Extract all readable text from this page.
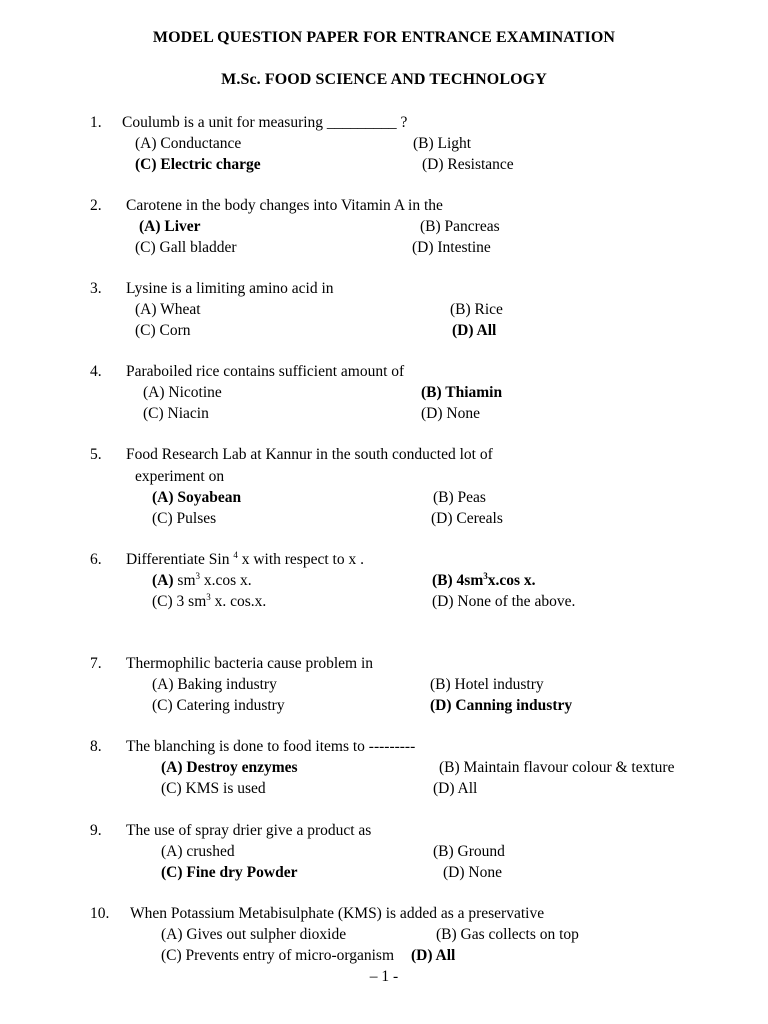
MODEL QUESTION PAPER FOR ENTRANCE EXAMINATION
M.Sc. FOOD SCIENCE AND TECHNOLOGY
1. Coulumb is a unit for measuring _________ ?
(A) Conductance	(B) Light
(C) Electric charge	(D) Resistance
2. Carotene in the body changes into Vitamin A in the
(A) Liver	(B) Pancreas
(C) Gall bladder	(D) Intestine
3. Lysine is a limiting amino acid in
(A) Wheat	(B) Rice
(C) Corn	(D) All
4. Paraboiled rice contains sufficient amount of
(A) Nicotine	(B) Thiamin
(C) Niacin	(D) None
5. Food Research Lab at Kannur in the south conducted lot of
experiment on
(A) Soyabean	(B) Peas
(C) Pulses	(D) Cereals
6. Differentiate Sin $^4$ x with respect to x .
(A) $sm^3$ x.cos x.	(B) $4sm^3x.\cos$ x.
(C) 3 $sm^3$ x. cos.x.	(D) None of the above.
7. Thermophilic bacteria cause problem in
(A) Baking industry	(B) Hotel industry
(C) Catering industry	(D) Canning industry
8. The blanching is done to food items to ---------
(A) Destroy enzymes	(B) Maintain flavour colour & texture
(C) KMS is used	(D) All
9. The use of spray drier give a product as
(A) crushed	(B) Ground
(C) Fine dry Powder	(D) None
10. When Potassium Metabisulphate (KMS) is added as a preservative
(A) Gives out sulpher dioxide	(B) Gas collects on top
(C) Prevents entry of micro-organism (D) All
– 1 -
